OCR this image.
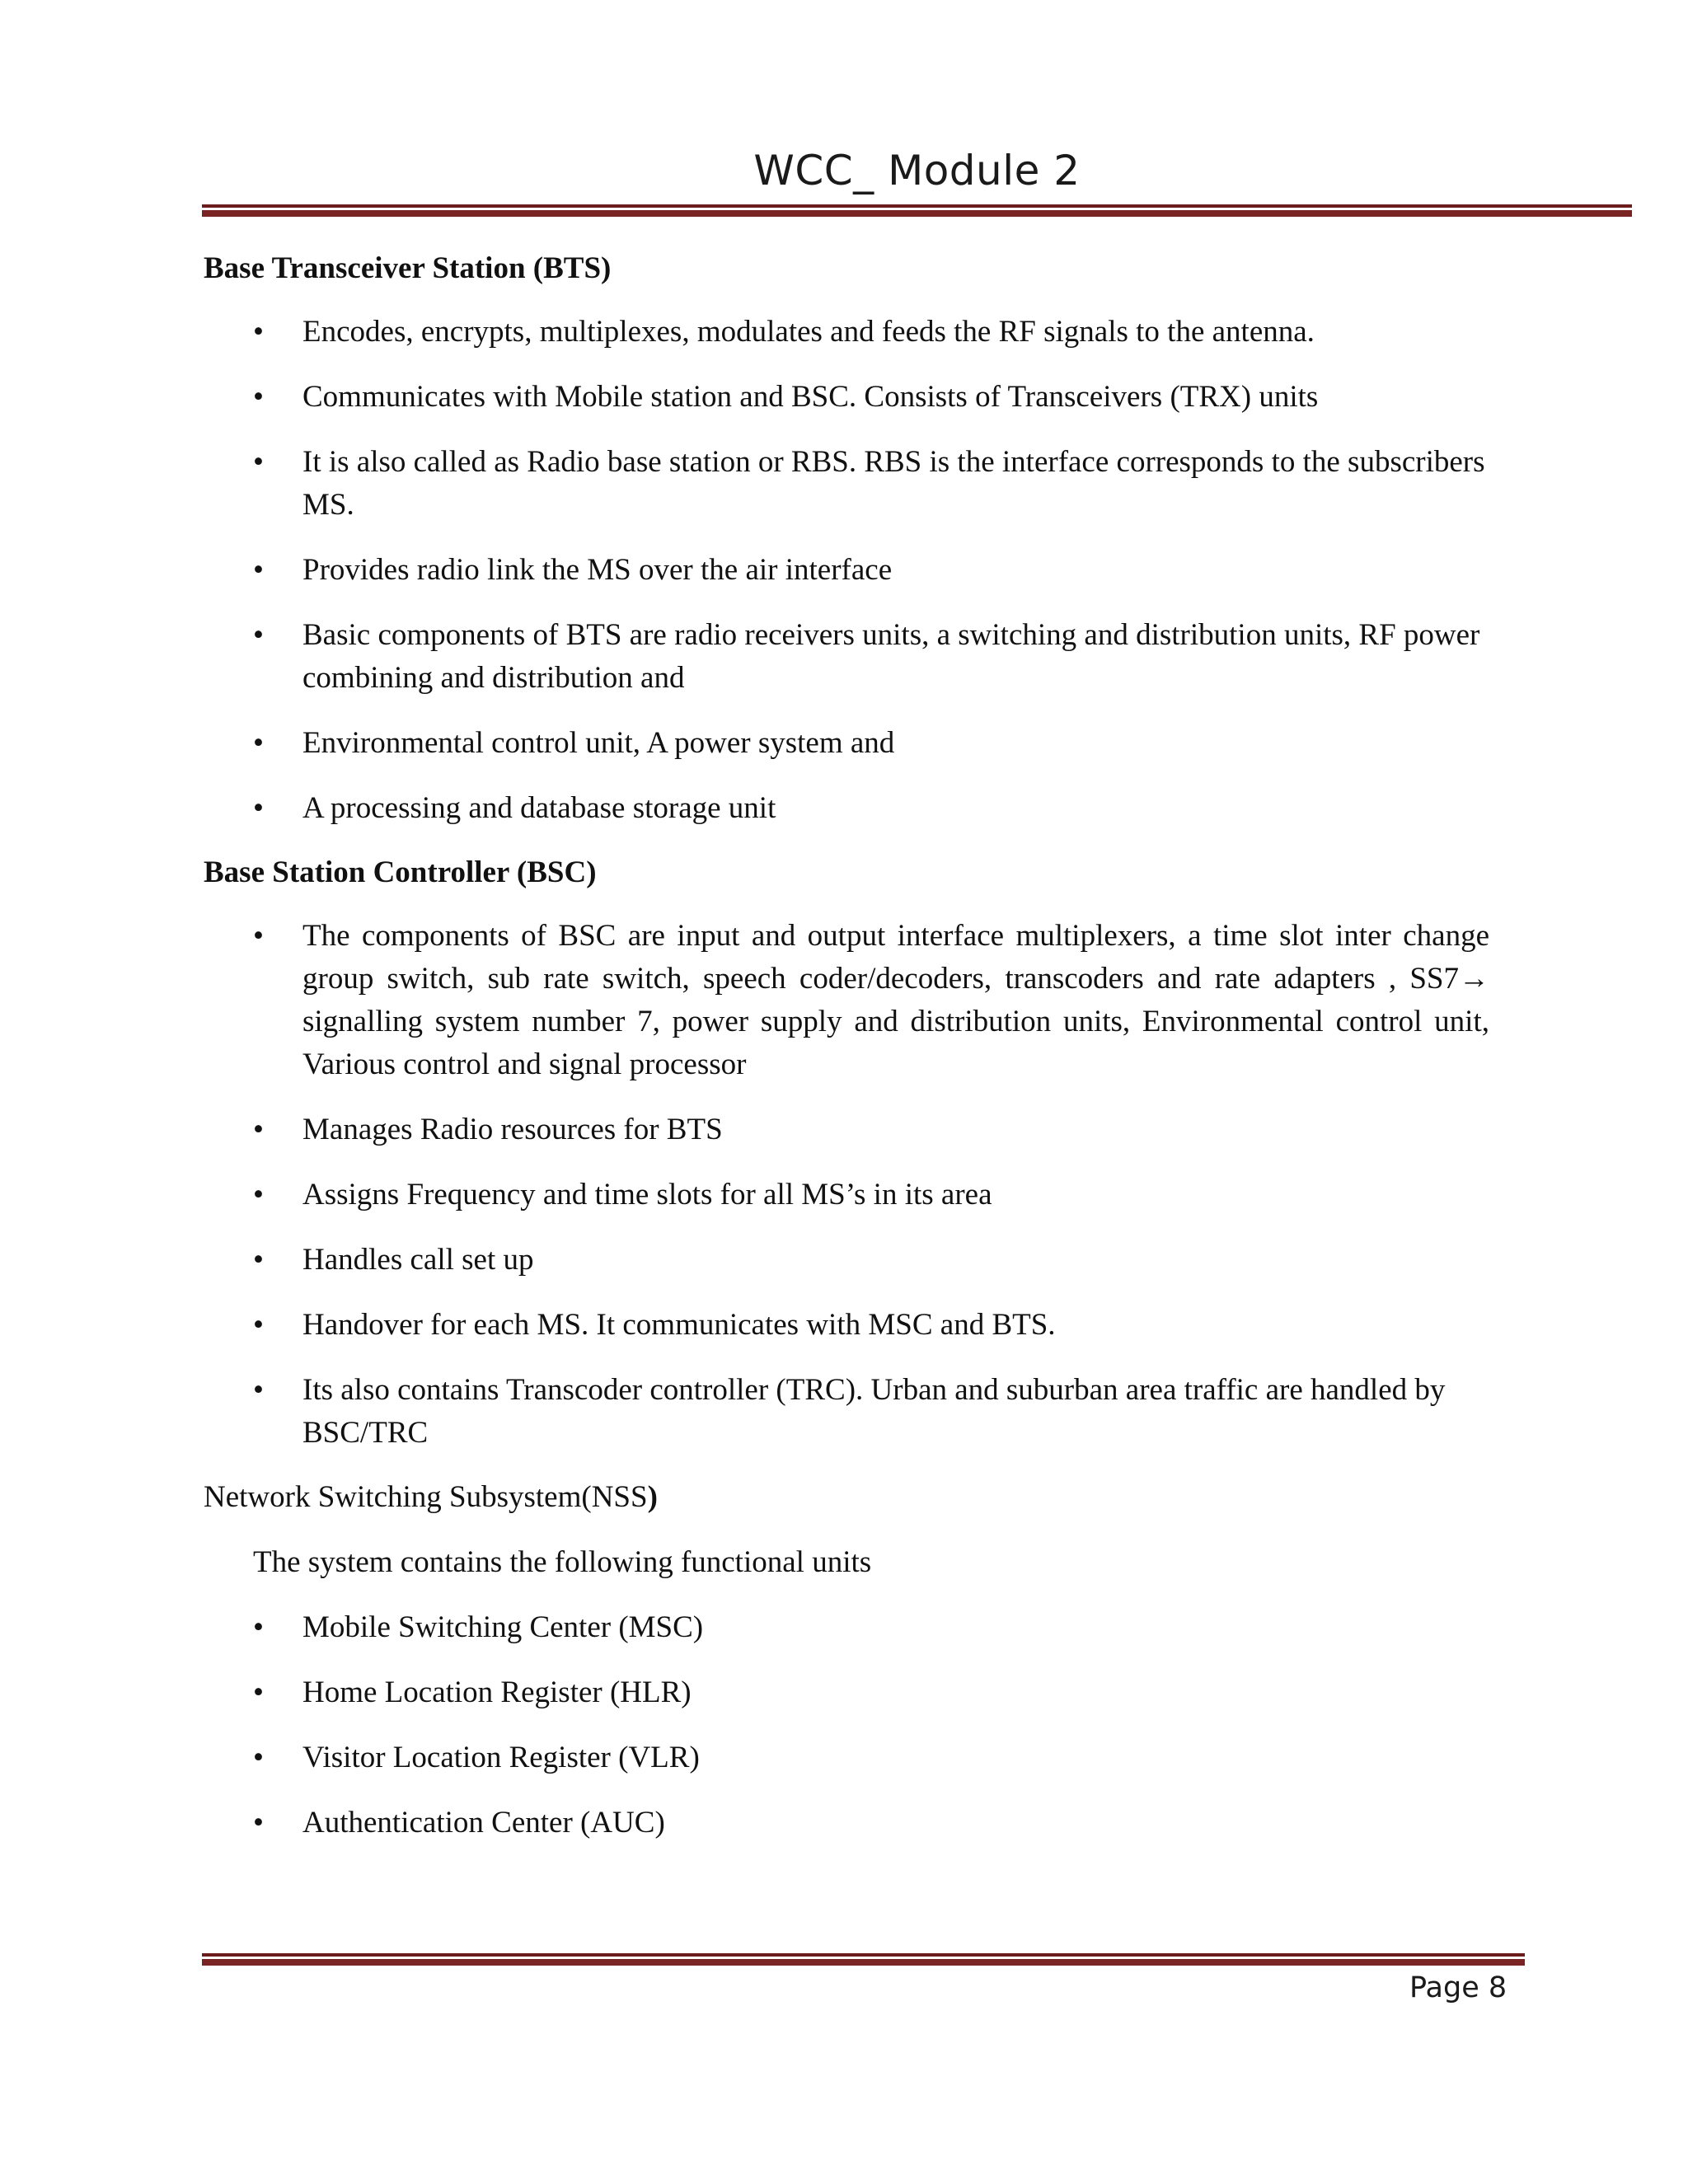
WCC_ Module 2
Base Transceiver Station (BTS)
• Encodes, encrypts, multiplexes, modulates and feeds the RF signals to the antenna.
• Communicates with Mobile station and BSC. Consists of Transceivers (TRX) units
• It is also called as Radio base station or RBS. RBS is the interface corresponds to the subscribers MS.
• Provides radio link the MS over the air interface
• Basic components of BTS are radio receivers units, a switching and distribution units, RF power combining and distribution and
• Environmental control unit, A power system and
• A processing and database storage unit
Base Station Controller (BSC)
• The components of BSC are input and output interface multiplexers, a time slot inter change group switch, sub rate switch, speech coder/decoders, transcoders and rate adapters , SS7→ signalling system number 7, power supply and distribution units, Environmental control unit, Various control and signal processor
• Manages Radio resources for BTS
• Assigns Frequency and time slots for all MS’s in its area
• Handles call set up
• Handover for each MS. It communicates with MSC and BTS.
• Its also contains Transcoder controller (TRC). Urban and suburban area traffic are handled by BSC/TRC
Network Switching Subsystem(NSS)

The system contains the following functional units

• Mobile Switching Center (MSC)
• Home Location Register (HLR)
• Visitor Location Register (VLR)
• Authentication Center (AUC)
Page 8
